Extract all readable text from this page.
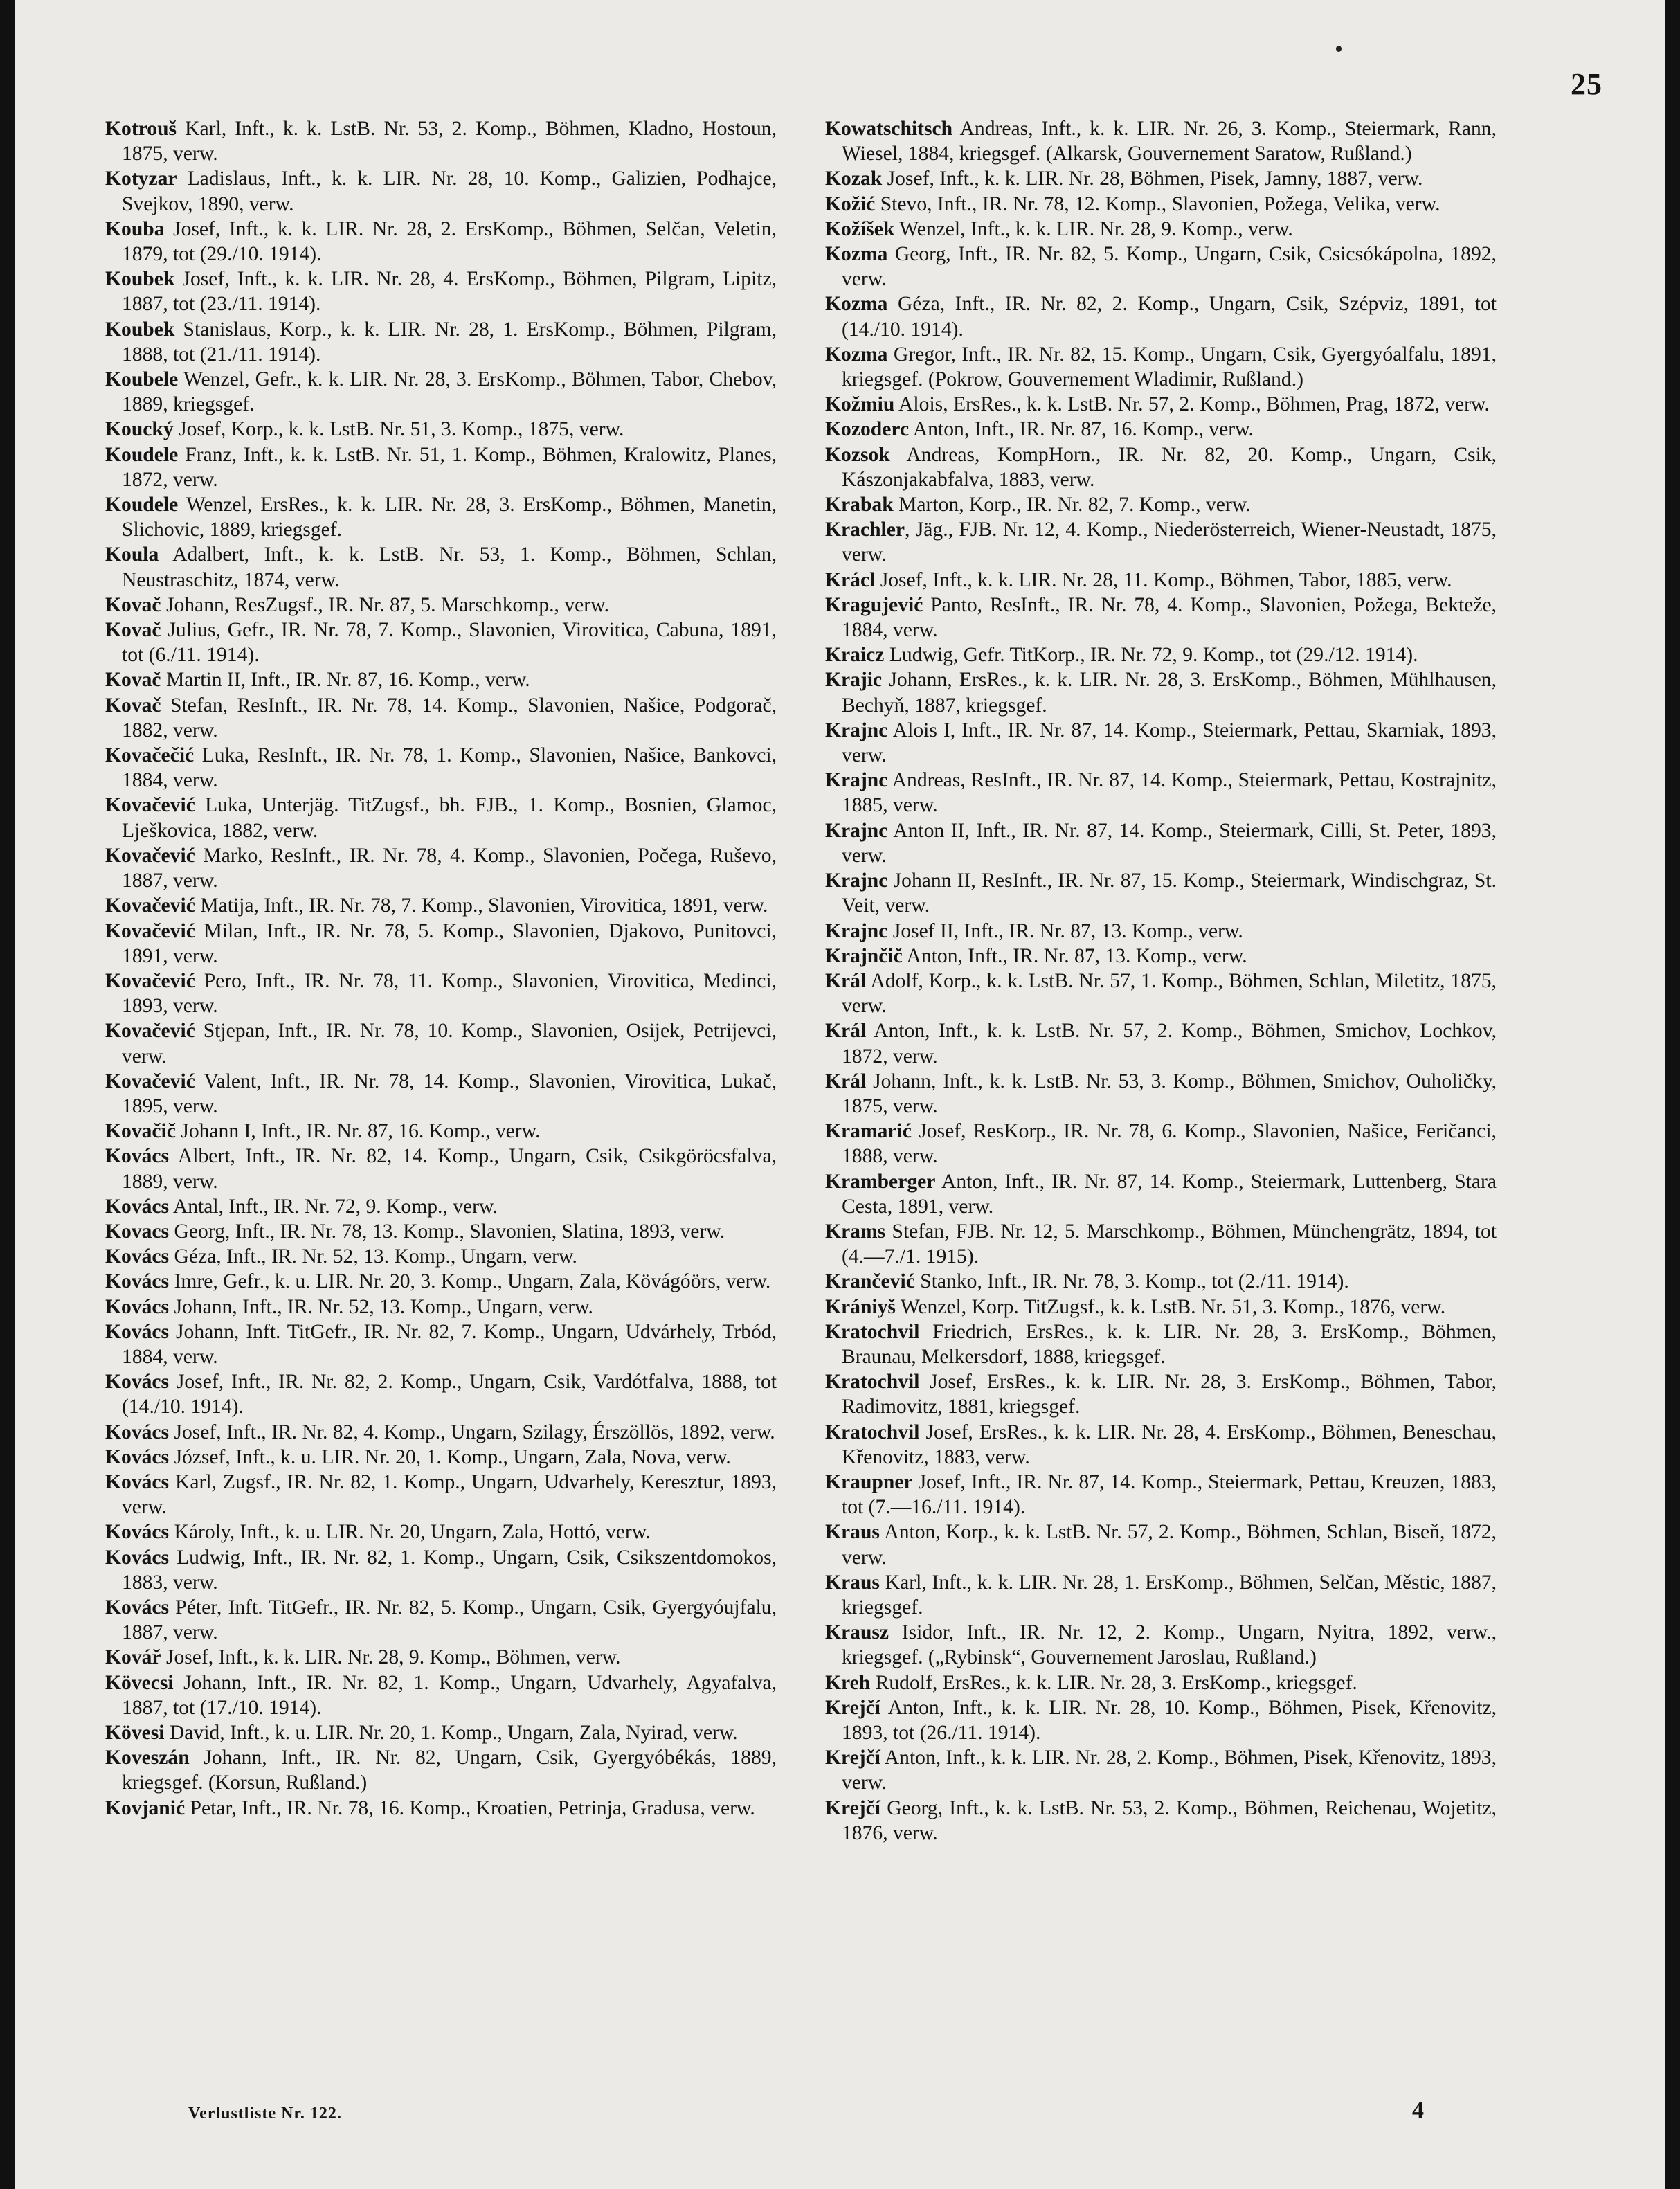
25

Kotrouš Karl, Inft., k. k. LstB. Nr. 53, 2. Komp., Böhmen, Kladno, Hostoun, 1875, verw.

Kotyzar Ladislaus, Inft., k. k. LIR. Nr. 28, 10. Komp., Galizien, Podhajce, Svejkov, 1890, verw.

Kouba Josef, Inft., k. k. LIR. Nr. 28, 2. ErsKomp., Böhmen, Selčan, Veletin, 1879, tot (29./10. 1914).

Koubek Josef, Inft., k. k. LIR. Nr. 28, 4. ErsKomp., Böhmen, Pilgram, Lipitz, 1887, tot (23./11. 1914).

Koubek Stanislaus, Korp., k. k. LIR. Nr. 28, 1. ErsKomp., Böhmen, Pilgram, 1888, tot (21./11. 1914).

Koubele Wenzel, Gefr., k. k. LIR. Nr. 28, 3. ErsKomp., Böhmen, Tabor, Chebov, 1889, kriegsgef.

Koucký Josef, Korp., k. k. LstB. Nr. 51, 3. Komp., 1875, verw.

Koudele Franz, Inft., k. k. LstB. Nr. 51, 1. Komp., Böhmen, Kralowitz, Planes, 1872, verw.

Koudele Wenzel, ErsRes., k. k. LIR. Nr. 28, 3. ErsKomp., Böhmen, Manetin, Slichovic, 1889, kriegsgef.

Koula Adalbert, Inft., k. k. LstB. Nr. 53, 1. Komp., Böhmen, Schlan, Neustraschitz, 1874, verw.

Kovač Johann, ResZugsf., IR. Nr. 87, 5. Marschkomp., verw.

Kovač Julius, Gefr., IR. Nr. 78, 7. Komp., Slavonien, Virovitica, Cabuna, 1891, tot (6./11. 1914).

Kovač Martin II, Inft., IR. Nr. 87, 16. Komp., verw.

Kovač Stefan, ResInft., IR. Nr. 78, 14. Komp., Slavonien, Našice, Podgorač, 1882, verw.

Kovačečić Luka, ResInft., IR. Nr. 78, 1. Komp., Slavonien, Našice, Bankovci, 1884, verw.

Kovačević Luka, Unterjäg. TitZugsf., bh. FJB., 1. Komp., Bosnien, Glamoc, Lješkovica, 1882, verw.

Kovačević Marko, ResInft., IR. Nr. 78, 4. Komp., Slavonien, Počega, Ruševo, 1887, verw.

Kovačević Matija, Inft., IR. Nr. 78, 7. Komp., Slavonien, Virovitica, 1891, verw.

Kovačević Milan, Inft., IR. Nr. 78, 5. Komp., Slavonien, Djakovo, Punitovci, 1891, verw.

Kovačević Pero, Inft., IR. Nr. 78, 11. Komp., Slavonien, Virovitica, Medinci, 1893, verw.

Kovačević Stjepan, Inft., IR. Nr. 78, 10. Komp., Slavonien, Osijek, Petrijevci, verw.

Kovačević Valent, Inft., IR. Nr. 78, 14. Komp., Slavonien, Virovitica, Lukač, 1895, verw.

Kovačič Johann I, Inft., IR. Nr. 87, 16. Komp., verw.

Kovács Albert, Inft., IR. Nr. 82, 14. Komp., Ungarn, Csik, Csikgöröcsfalva, 1889, verw.

Kovács Antal, Inft., IR. Nr. 72, 9. Komp., verw.

Kovacs Georg, Inft., IR. Nr. 78, 13. Komp., Slavonien, Slatina, 1893, verw.

Kovács Géza, Inft., IR. Nr. 52, 13. Komp., Ungarn, verw.

Kovács Imre, Gefr., k. u. LIR. Nr. 20, 3. Komp., Ungarn, Zala, Kövágóörs, verw.

Kovács Johann, Inft., IR. Nr. 52, 13. Komp., Ungarn, verw.

Kovács Johann, Inft. TitGefr., IR. Nr. 82, 7. Komp., Ungarn, Udvárhely, Trbód, 1884, verw.

Kovács Josef, Inft., IR. Nr. 82, 2. Komp., Ungarn, Csik, Vardótfalva, 1888, tot (14./10. 1914).

Kovács Josef, Inft., IR. Nr. 82, 4. Komp., Ungarn, Szilagy, Érszöllös, 1892, verw.

Kovács József, Inft., k. u. LIR. Nr. 20, 1. Komp., Ungarn, Zala, Nova, verw.

Kovács Karl, Zugsf., IR. Nr. 82, 1. Komp., Ungarn, Udvarhely, Keresztur, 1893, verw.

Kovács Károly, Inft., k. u. LIR. Nr. 20, Ungarn, Zala, Hottó, verw.

Kovács Ludwig, Inft., IR. Nr. 82, 1. Komp., Ungarn, Csik, Csikszentdomokos, 1883, verw.

Kovács Péter, Inft. TitGefr., IR. Nr. 82, 5. Komp., Ungarn, Csik, Gyergyóujfalu, 1887, verw.

Kovář Josef, Inft., k. k. LIR. Nr. 28, 9. Komp., Böhmen, verw.

Kövecsi Johann, Inft., IR. Nr. 82, 1. Komp., Ungarn, Udvarhely, Agyafalva, 1887, tot (17./10. 1914).

Kövesi David, Inft., k. u. LIR. Nr. 20, 1. Komp., Ungarn, Zala, Nyirad, verw.

Koveszán Johann, Inft., IR. Nr. 82, Ungarn, Csik, Gyergyóbékás, 1889, kriegsgef. (Korsun, Rußland.)

Kovjanić Petar, Inft., IR. Nr. 78, 16. Komp., Kroatien, Petrinja, Gradusa, verw.

Kowatschitsch Andreas, Inft., k. k. LIR. Nr. 26, 3. Komp., Steiermark, Rann, Wiesel, 1884, kriegsgef. (Alkarsk, Gouvernement Saratow, Rußland.)

Kozak Josef, Inft., k. k. LIR. Nr. 28, Böhmen, Pisek, Jamny, 1887, verw.

Kožić Stevo, Inft., IR. Nr. 78, 12. Komp., Slavonien, Požega, Velika, verw.

Kožíšek Wenzel, Inft., k. k. LIR. Nr. 28, 9. Komp., verw.

Kozma Georg, Inft., IR. Nr. 82, 5. Komp., Ungarn, Csik, Csicsókápolna, 1892, verw.

Kozma Géza, Inft., IR. Nr. 82, 2. Komp., Ungarn, Csik, Szépviz, 1891, tot (14./10. 1914).

Kozma Gregor, Inft., IR. Nr. 82, 15. Komp., Ungarn, Csik, Gyergyóalfalu, 1891, kriegsgef. (Pokrow, Gouvernement Wladimir, Rußland.)

Kožmiu Alois, ErsRes., k. k. LstB. Nr. 57, 2. Komp., Böhmen, Prag, 1872, verw.

Kozoderc Anton, Inft., IR. Nr. 87, 16. Komp., verw.

Kozsok Andreas, KompHorn., IR. Nr. 82, 20. Komp., Ungarn, Csik, Kászonjakabfalva, 1883, verw.

Krabak Marton, Korp., IR. Nr. 82, 7. Komp., verw.

Krachler, Jäg., FJB. Nr. 12, 4. Komp., Niederösterreich, Wiener-Neustadt, 1875, verw.

Krácl Josef, Inft., k. k. LIR. Nr. 28, 11. Komp., Böhmen, Tabor, 1885, verw.

Kragujević Panto, ResInft., IR. Nr. 78, 4. Komp., Slavonien, Požega, Bekteže, 1884, verw.

Kraicz Ludwig, Gefr. TitKorp., IR. Nr. 72, 9. Komp., tot (29./12. 1914).

Krajic Johann, ErsRes., k. k. LIR. Nr. 28, 3. ErsKomp., Böhmen, Mühlhausen, Bechyň, 1887, kriegsgef.

Krajnc Alois I, Inft., IR. Nr. 87, 14. Komp., Steiermark, Pettau, Skarniak, 1893, verw.

Krajnc Andreas, ResInft., IR. Nr. 87, 14. Komp., Steiermark, Pettau, Kostrajnitz, 1885, verw.

Krajnc Anton II, Inft., IR. Nr. 87, 14. Komp., Steiermark, Cilli, St. Peter, 1893, verw.

Krajnc Johann II, ResInft., IR. Nr. 87, 15. Komp., Steiermark, Windischgraz, St. Veit, verw.

Krajnc Josef II, Inft., IR. Nr. 87, 13. Komp., verw.

Krajnčič Anton, Inft., IR. Nr. 87, 13. Komp., verw.

Král Adolf, Korp., k. k. LstB. Nr. 57, 1. Komp., Böhmen, Schlan, Miletitz, 1875, verw.

Král Anton, Inft., k. k. LstB. Nr. 57, 2. Komp., Böhmen, Smichov, Lochkov, 1872, verw.

Král Johann, Inft., k. k. LstB. Nr. 53, 3. Komp., Böhmen, Smichov, Ouholičky, 1875, verw.

Kramarić Josef, ResKorp., IR. Nr. 78, 6. Komp., Slavonien, Našice, Feričanci, 1888, verw.

Kramberger Anton, Inft., IR. Nr. 87, 14. Komp., Steiermark, Luttenberg, Stara Cesta, 1891, verw.

Krams Stefan, FJB. Nr. 12, 5. Marschkomp., Böhmen, Münchengrätz, 1894, tot (4.—7./1. 1915).

Krančević Stanko, Inft., IR. Nr. 78, 3. Komp., tot (2./11. 1914).

Krániyš Wenzel, Korp. TitZugsf., k. k. LstB. Nr. 51, 3. Komp., 1876, verw.

Kratochvil Friedrich, ErsRes., k. k. LIR. Nr. 28, 3. ErsKomp., Böhmen, Braunau, Melkersdorf, 1888, kriegsgef.

Kratochvil Josef, ErsRes., k. k. LIR. Nr. 28, 3. ErsKomp., Böhmen, Tabor, Radimovitz, 1881, kriegsgef.

Kratochvil Josef, ErsRes., k. k. LIR. Nr. 28, 4. ErsKomp., Böhmen, Beneschau, Křenovitz, 1883, verw.

Kraupner Josef, Inft., IR. Nr. 87, 14. Komp., Steiermark, Pettau, Kreuzen, 1883, tot (7.—16./11. 1914).

Kraus Anton, Korp., k. k. LstB. Nr. 57, 2. Komp., Böhmen, Schlan, Biseň, 1872, verw.

Kraus Karl, Inft., k. k. LIR. Nr. 28, 1. ErsKomp., Böhmen, Selčan, Městic, 1887, kriegsgef.

Krausz Isidor, Inft., IR. Nr. 12, 2. Komp., Ungarn, Nyitra, 1892, verw., kriegsgef. („Rybinsk“, Gouvernement Jaroslau, Rußland.)

Kreh Rudolf, ErsRes., k. k. LIR. Nr. 28, 3. ErsKomp., kriegsgef.

Krejčí Anton, Inft., k. k. LIR. Nr. 28, 10. Komp., Böhmen, Pisek, Křenovitz, 1893, tot (26./11. 1914).

Krejčí Anton, Inft., k. k. LIR. Nr. 28, 2. Komp., Böhmen, Pisek, Křenovitz, 1893, verw.

Krejčí Georg, Inft., k. k. LstB. Nr. 53, 2. Komp., Böhmen, Reichenau, Wojetitz, 1876, verw.

Verlustliste Nr. 122.	4
